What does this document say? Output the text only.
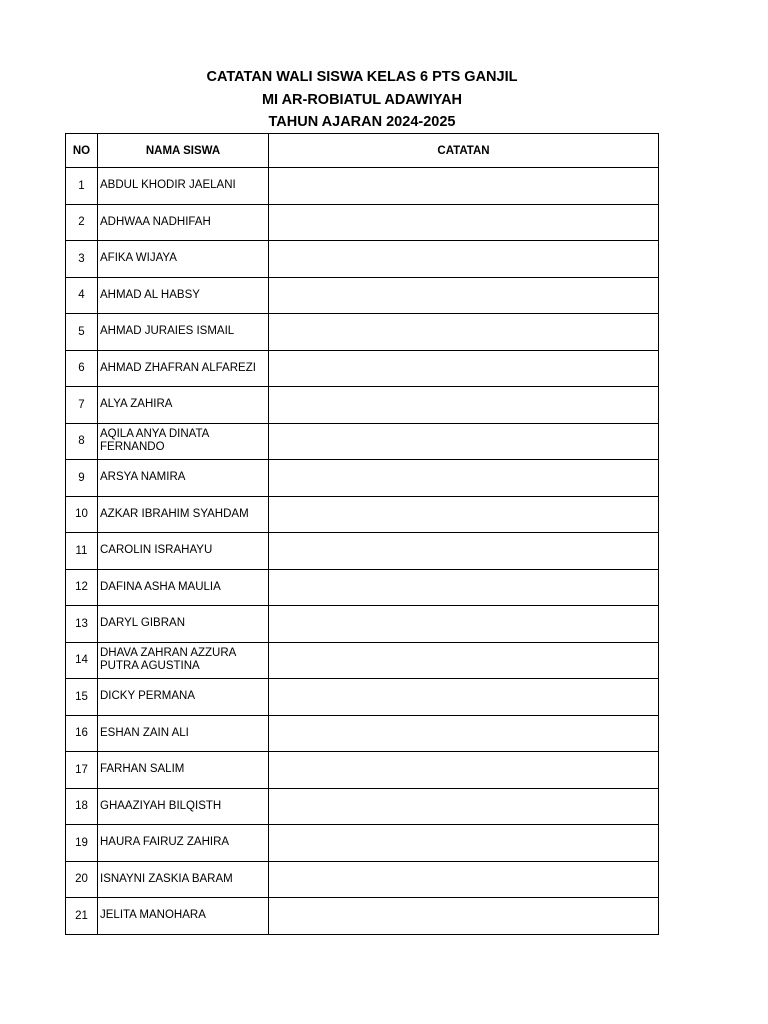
CATATAN WALI SISWA KELAS 6 PTS GANJIL
MI AR-ROBIATUL ADAWIYAH
TAHUN AJARAN 2024-2025
NO	NAMA SISWA	CATATAN
1	ABDUL KHODIR JAELANI	
2	ADHWAA NADHIFAH	
3	AFIKA WIJAYA	
4	AHMAD AL HABSY	
5	AHMAD JURAIES ISMAIL	
6	AHMAD ZHAFRAN ALFAREZI	
7	ALYA ZAHIRA	
8	AQILA ANYA DINATA FERNANDO	
9	ARSYA NAMIRA	
10	AZKAR IBRAHIM SYAHDAM	
11	CAROLIN ISRAHAYU	
12	DAFINA ASHA MAULIA	
13	DARYL GIBRAN	
14	DHAVA ZAHRAN AZZURA PUTRA AGUSTINA	
15	DICKY PERMANA	
16	ESHAN ZAIN ALI	
17	FARHAN SALIM	
18	GHAAZIYAH BILQISTH	
19	HAURA FAIRUZ ZAHIRA	
20	ISNAYNI ZASKIA BARAM	
21	JELITA MANOHARA	
